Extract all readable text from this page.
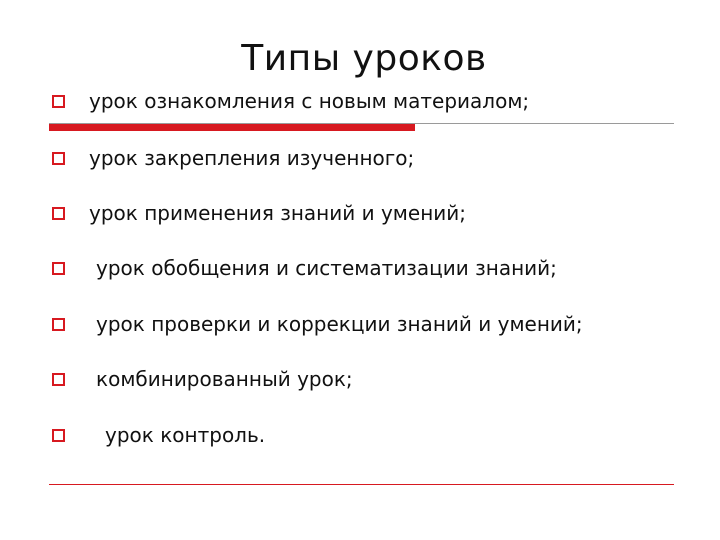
Типы уроков
урок ознакомления с новым материалом;
урок закрепления изученного;
урок применения знаний и умений;
урок обобщения и систематизации знаний;
урок проверки и коррекции знаний и умений;
комбинированный урок;
урок контроль.
